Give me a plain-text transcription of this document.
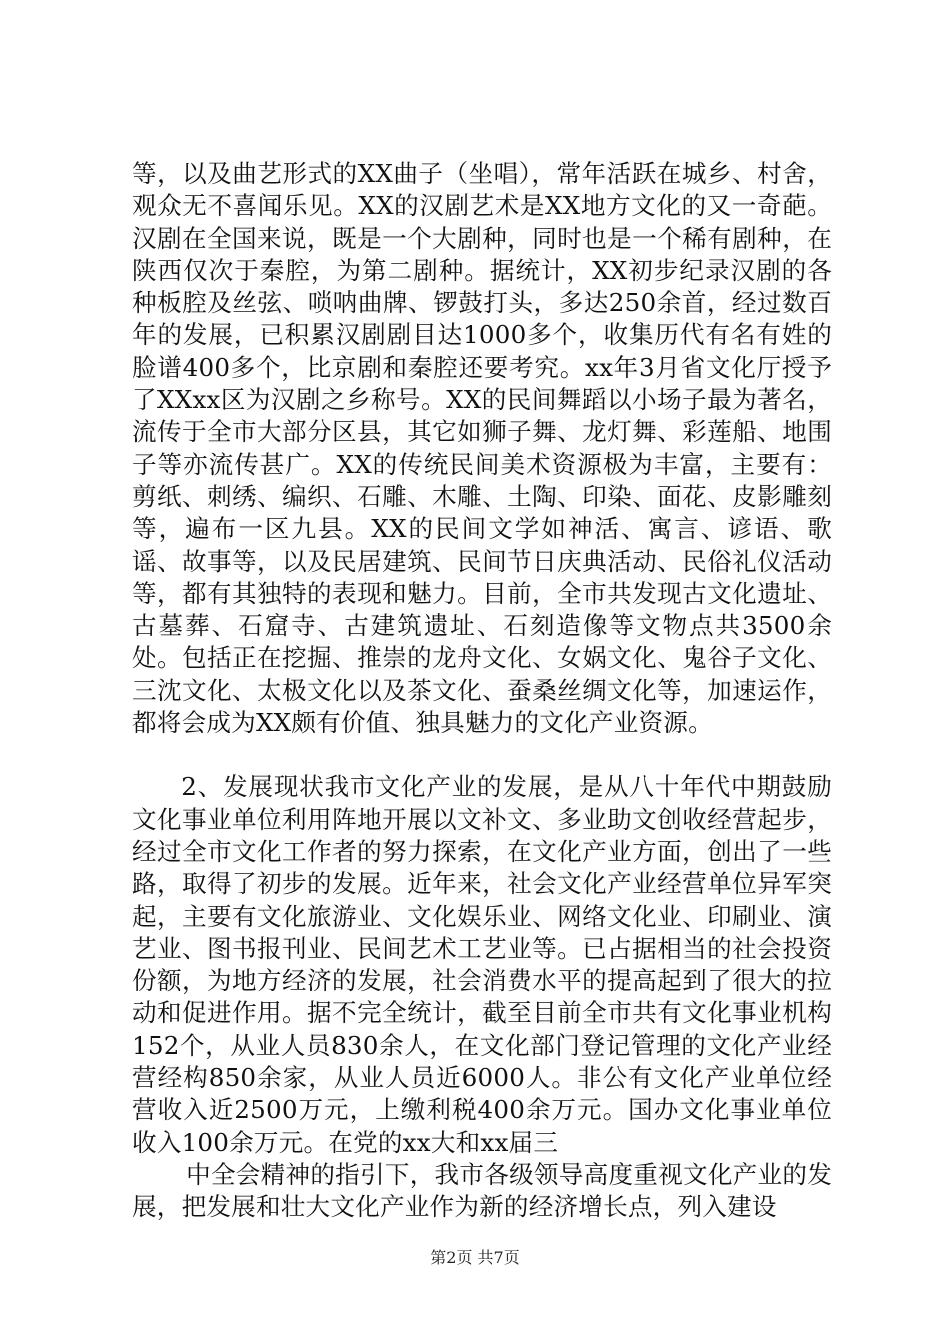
等，以及曲艺形式的XX曲子（坐唱），常年活跃在城乡、村舍，观众无不喜闻乐见。XX的汉剧艺术是XX地方文化的又一奇葩。汉剧在全国来说，既是一个大剧种，同时也是一个稀有剧种，在陕西仅次于秦腔，为第二剧种。据统计，XX初步纪录汉剧的各种板腔及丝弦、唢呐曲牌、锣鼓打头，多达250余首，经过数百年的发展，已积累汉剧剧目达1000多个，收集历代有名有姓的脸谱400多个，比京剧和秦腔还要考究。xx年3月省文化厅授予了XXxx区为汉剧之乡称号。XX的民间舞蹈以小场子最为著名，流传于全市大部分区县，其它如狮子舞、龙灯舞、彩莲船、地围子等亦流传甚广。XX的传统民间美术资源极为丰富，主要有：剪纸、刺绣、编织、石雕、木雕、土陶、印染、面花、皮影雕刻等，遍布一区九县。XX的民间文学如神活、寓言、谚语、歌谣、故事等，以及民居建筑、民间节日庆典活动、民俗礼仪活动等，都有其独特的表现和魅力。目前，全市共发现古文化遗址、古墓葬、石窟寺、古建筑遗址、石刻造像等文物点共3500余处。包括正在挖掘、推崇的龙舟文化、女娲文化、鬼谷子文化、三沈文化、太极文化以及茶文化、蚕桑丝绸文化等，加速运作，都将会成为XX颇有价值、独具魅力的文化产业资源。

2、发展现状我市文化产业的发展，是从八十年代中期鼓励文化事业单位利用阵地开展以文补文、多业助文创收经营起步，经过全市文化工作者的努力探索，在文化产业方面，创出了一些路，取得了初步的发展。近年来，社会文化产业经营单位异军突起，主要有文化旅游业、文化娱乐业、网络文化业、印刷业、演艺业、图书报刊业、民间艺术工艺业等。已占据相当的社会投资份额，为地方经济的发展，社会消费水平的提高起到了很大的拉动和促进作用。据不完全统计，截至目前全市共有文化事业机构152个，从业人员830余人，在文化部门登记管理的文化产业经营经构850余家，从业人员近6000人。非公有文化产业单位经营收入近2500万元，上缴利税400余万元。国办文化事业单位收入100余万元。在党的xx大和xx届三

中全会精神的指引下，我市各级领导高度重视文化产业的发展，把发展和壮大文化产业作为新的经济增长点，列入建设

第2页 共7页
